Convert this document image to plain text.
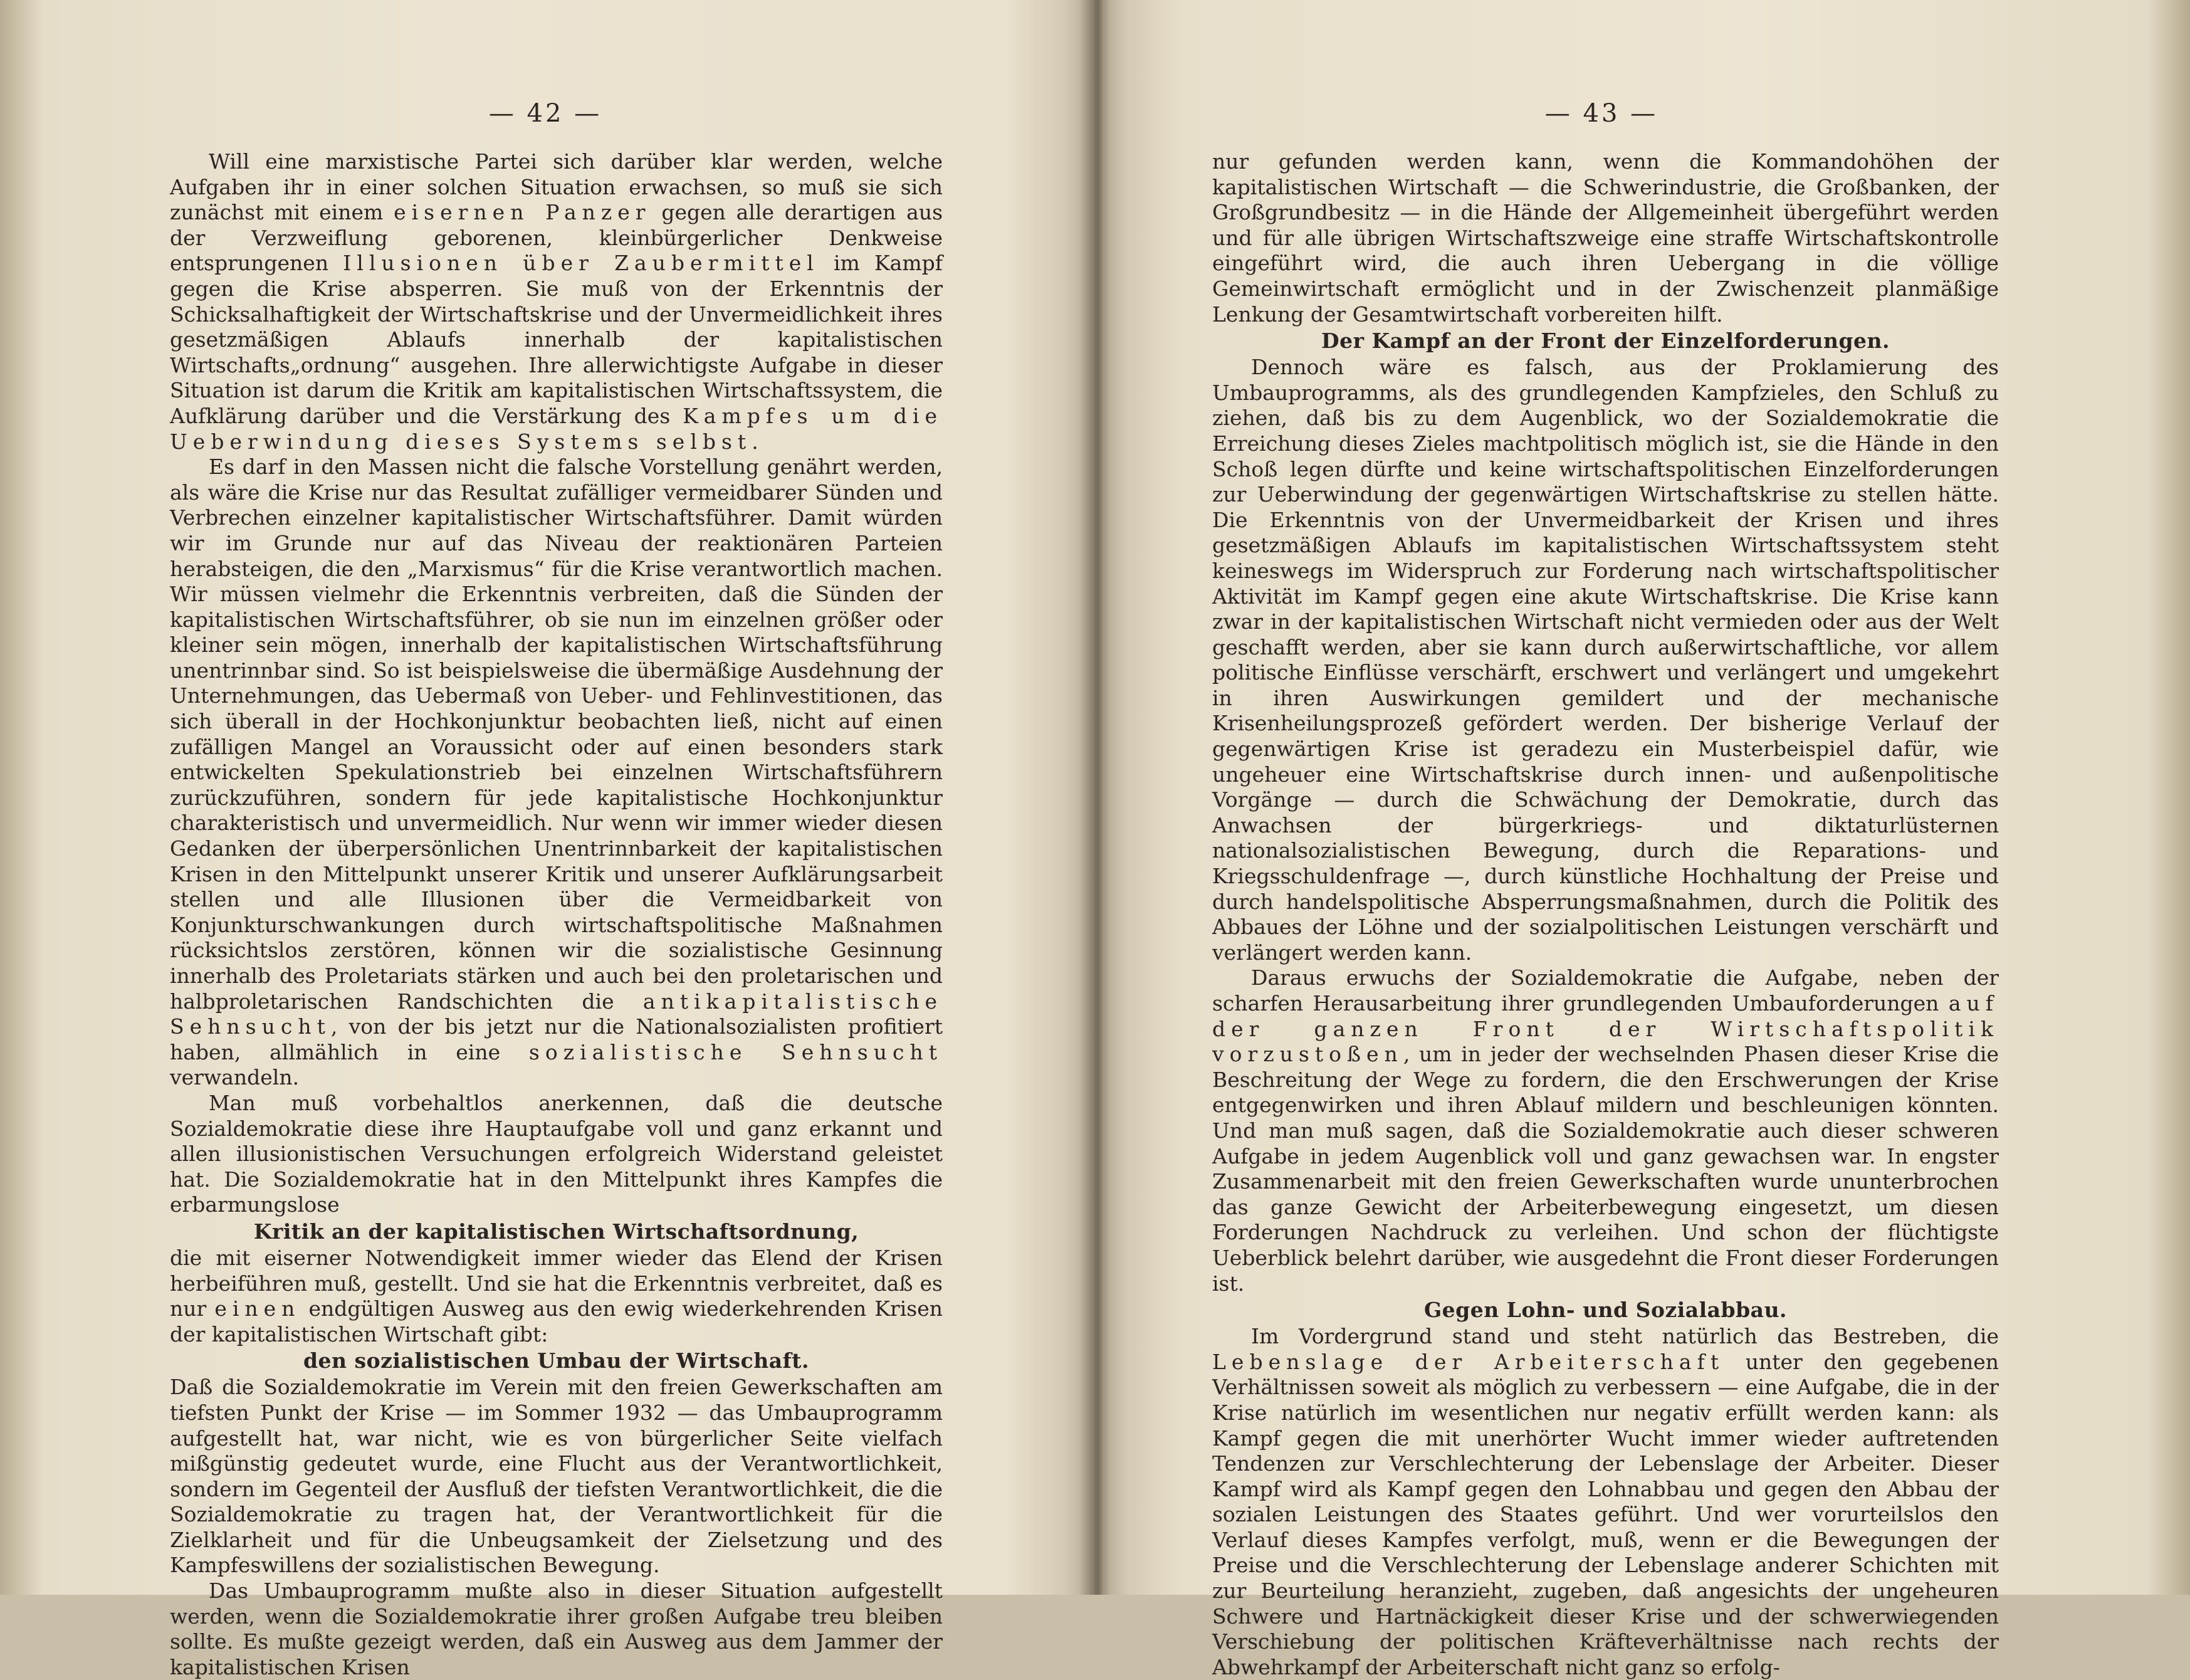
— 42 —

Will eine marxistische Partei sich darüber klar werden, welche Aufgaben ihr in einer solchen Situation erwachsen, so muß sie sich zunächst mit einem eisernen Panzer gegen alle derartigen aus der Verzweiflung geborenen, kleinbürgerlicher Denkweise entsprungenen Illusionen über Zaubermittel im Kampf gegen die Krise absperren. Sie muß von der Erkenntnis der Schicksalhaftigkeit der Wirtschaftskrise und der Unvermeidlichkeit ihres gesetzmäßigen Ablaufs innerhalb der kapitalistischen Wirtschafts„ordnung“ ausgehen. Ihre allerwichtigste Aufgabe in dieser Situation ist darum die Kritik am kapitalistischen Wirtschaftssystem, die Aufklärung darüber und die Verstärkung des Kampfes um die Ueberwindung dieses Systems selbst.

Es darf in den Massen nicht die falsche Vorstellung genährt werden, als wäre die Krise nur das Resultat zufälliger vermeidbarer Sünden und Verbrechen einzelner kapitalistischer Wirtschaftsführer. Damit würden wir im Grunde nur auf das Niveau der reaktionären Parteien herabsteigen, die den „Marxismus“ für die Krise verantwortlich machen. Wir müssen vielmehr die Erkenntnis verbreiten, daß die Sünden der kapitalistischen Wirtschaftsführer, ob sie nun im einzelnen größer oder kleiner sein mögen, innerhalb der kapitalistischen Wirtschaftsführung unentrinnbar sind. So ist beispielsweise die übermäßige Ausdehnung der Unternehmungen, das Uebermaß von Ueber- und Fehlinvestitionen, das sich überall in der Hochkonjunktur beobachten ließ, nicht auf einen zufälligen Mangel an Voraussicht oder auf einen besonders stark entwickelten Spekulationstrieb bei einzelnen Wirtschaftsführern zurückzuführen, sondern für jede kapitalistische Hochkonjunktur charakteristisch und unvermeidlich. Nur wenn wir immer wieder diesen Gedanken der überpersönlichen Unentrinnbarkeit der kapitalistischen Krisen in den Mittelpunkt unserer Kritik und unserer Aufklärungsarbeit stellen und alle Illusionen über die Vermeidbarkeit von Konjunkturschwankungen durch wirtschaftspolitische Maßnahmen rücksichtslos zerstören, können wir die sozialistische Gesinnung innerhalb des Proletariats stärken und auch bei den proletarischen und halbproletarischen Randschichten die antikapitalistische Sehnsucht, von der bis jetzt nur die Nationalsozialisten profitiert haben, allmählich in eine sozialistische Sehnsucht verwandeln.

Man muß vorbehaltlos anerkennen, daß die deutsche Sozialdemokratie diese ihre Hauptaufgabe voll und ganz erkannt und allen illusionistischen Versuchungen erfolgreich Widerstand geleistet hat. Die Sozialdemokratie hat in den Mittelpunkt ihres Kampfes die erbarmungslose

Kritik an der kapitalistischen Wirtschaftsordnung,

die mit eiserner Notwendigkeit immer wieder das Elend der Krisen herbeiführen muß, gestellt. Und sie hat die Erkenntnis verbreitet, daß es nur einen endgültigen Ausweg aus den ewig wiederkehrenden Krisen der kapitalistischen Wirtschaft gibt:

den sozialistischen Umbau der Wirtschaft.

Daß die Sozialdemokratie im Verein mit den freien Gewerkschaften am tiefsten Punkt der Krise — im Sommer 1932 — das Umbauprogramm aufgestellt hat, war nicht, wie es von bürgerlicher Seite vielfach mißgünstig gedeutet wurde, eine Flucht aus der Verantwortlichkeit, sondern im Gegenteil der Ausfluß der tiefsten Verantwortlichkeit, die die Sozialdemokratie zu tragen hat, der Verantwortlichkeit für die Zielklarheit und für die Unbeugsamkeit der Zielsetzung und des Kampfeswillens der sozialistischen Bewegung.

Das Umbauprogramm mußte also in dieser Situation aufgestellt werden, wenn die Sozialdemokratie ihrer großen Aufgabe treu bleiben sollte. Es mußte gezeigt werden, daß ein Ausweg aus dem Jammer der kapitalistischen Krisen

— 43 —

nur gefunden werden kann, wenn die Kommandohöhen der kapitalistischen Wirtschaft — die Schwerindustrie, die Großbanken, der Großgrundbesitz — in die Hände der Allgemeinheit übergeführt werden und für alle übrigen Wirtschaftszweige eine straffe Wirtschaftskontrolle eingeführt wird, die auch ihren Uebergang in die völlige Gemeinwirtschaft ermöglicht und in der Zwischenzeit planmäßige Lenkung der Gesamtwirtschaft vorbereiten hilft.

Der Kampf an der Front der Einzelforderungen.

Dennoch wäre es falsch, aus der Proklamierung des Umbauprogramms, als des grundlegenden Kampfzieles, den Schluß zu ziehen, daß bis zu dem Augenblick, wo der Sozialdemokratie die Erreichung dieses Zieles machtpolitisch möglich ist, sie die Hände in den Schoß legen dürfte und keine wirtschaftspolitischen Einzelforderungen zur Ueberwindung der gegenwärtigen Wirtschaftskrise zu stellen hätte. Die Erkenntnis von der Unvermeidbarkeit der Krisen und ihres gesetzmäßigen Ablaufs im kapitalistischen Wirtschaftssystem steht keineswegs im Widerspruch zur Forderung nach wirtschaftspolitischer Aktivität im Kampf gegen eine akute Wirtschaftskrise. Die Krise kann zwar in der kapitalistischen Wirtschaft nicht vermieden oder aus der Welt geschafft werden, aber sie kann durch außerwirtschaftliche, vor allem politische Einflüsse verschärft, erschwert und verlängert und umgekehrt in ihren Auswirkungen gemildert und der mechanische Krisenheilungsprozeß gefördert werden. Der bisherige Verlauf der gegenwärtigen Krise ist geradezu ein Musterbeispiel dafür, wie ungeheuer eine Wirtschaftskrise durch innen- und außenpolitische Vorgänge — durch die Schwächung der Demokratie, durch das Anwachsen der bürgerkriegs- und diktaturlüsternen nationalsozialistischen Bewegung, durch die Reparations- und Kriegsschuldenfrage —, durch künstliche Hochhaltung der Preise und durch handelspolitische Absperrungsmaßnahmen, durch die Politik des Abbaues der Löhne und der sozialpolitischen Leistungen verschärft und verlängert werden kann.

Daraus erwuchs der Sozialdemokratie die Aufgabe, neben der scharfen Herausarbeitung ihrer grundlegenden Umbauforderungen auf der ganzen Front der Wirtschaftspolitik vorzustoßen, um in jeder der wechselnden Phasen dieser Krise die Beschreitung der Wege zu fordern, die den Erschwerungen der Krise entgegenwirken und ihren Ablauf mildern und beschleunigen könnten. Und man muß sagen, daß die Sozialdemokratie auch dieser schweren Aufgabe in jedem Augenblick voll und ganz gewachsen war. In engster Zusammenarbeit mit den freien Gewerkschaften wurde ununterbrochen das ganze Gewicht der Arbeiterbewegung eingesetzt, um diesen Forderungen Nachdruck zu verleihen. Und schon der flüchtigste Ueberblick belehrt darüber, wie ausgedehnt die Front dieser Forderungen ist.

Gegen Lohn- und Sozialabbau.

Im Vordergrund stand und steht natürlich das Bestreben, die Lebenslage der Arbeiterschaft unter den gegebenen Verhältnissen soweit als möglich zu verbessern — eine Aufgabe, die in der Krise natürlich im wesentlichen nur negativ erfüllt werden kann: als Kampf gegen die mit unerhörter Wucht immer wieder auftretenden Tendenzen zur Verschlechterung der Lebenslage der Arbeiter. Dieser Kampf wird als Kampf gegen den Lohnabbau und gegen den Abbau der sozialen Leistungen des Staates geführt. Und wer vorurteilslos den Verlauf dieses Kampfes verfolgt, muß, wenn er die Bewegungen der Preise und die Verschlechterung der Lebenslage anderer Schichten mit zur Beurteilung heranzieht, zugeben, daß angesichts der ungeheuren Schwere und Hartnäckigkeit dieser Krise und der schwerwiegenden Verschiebung der politischen Kräfteverhältnisse nach rechts der Abwehrkampf der Arbeiterschaft nicht ganz so erfolg-
